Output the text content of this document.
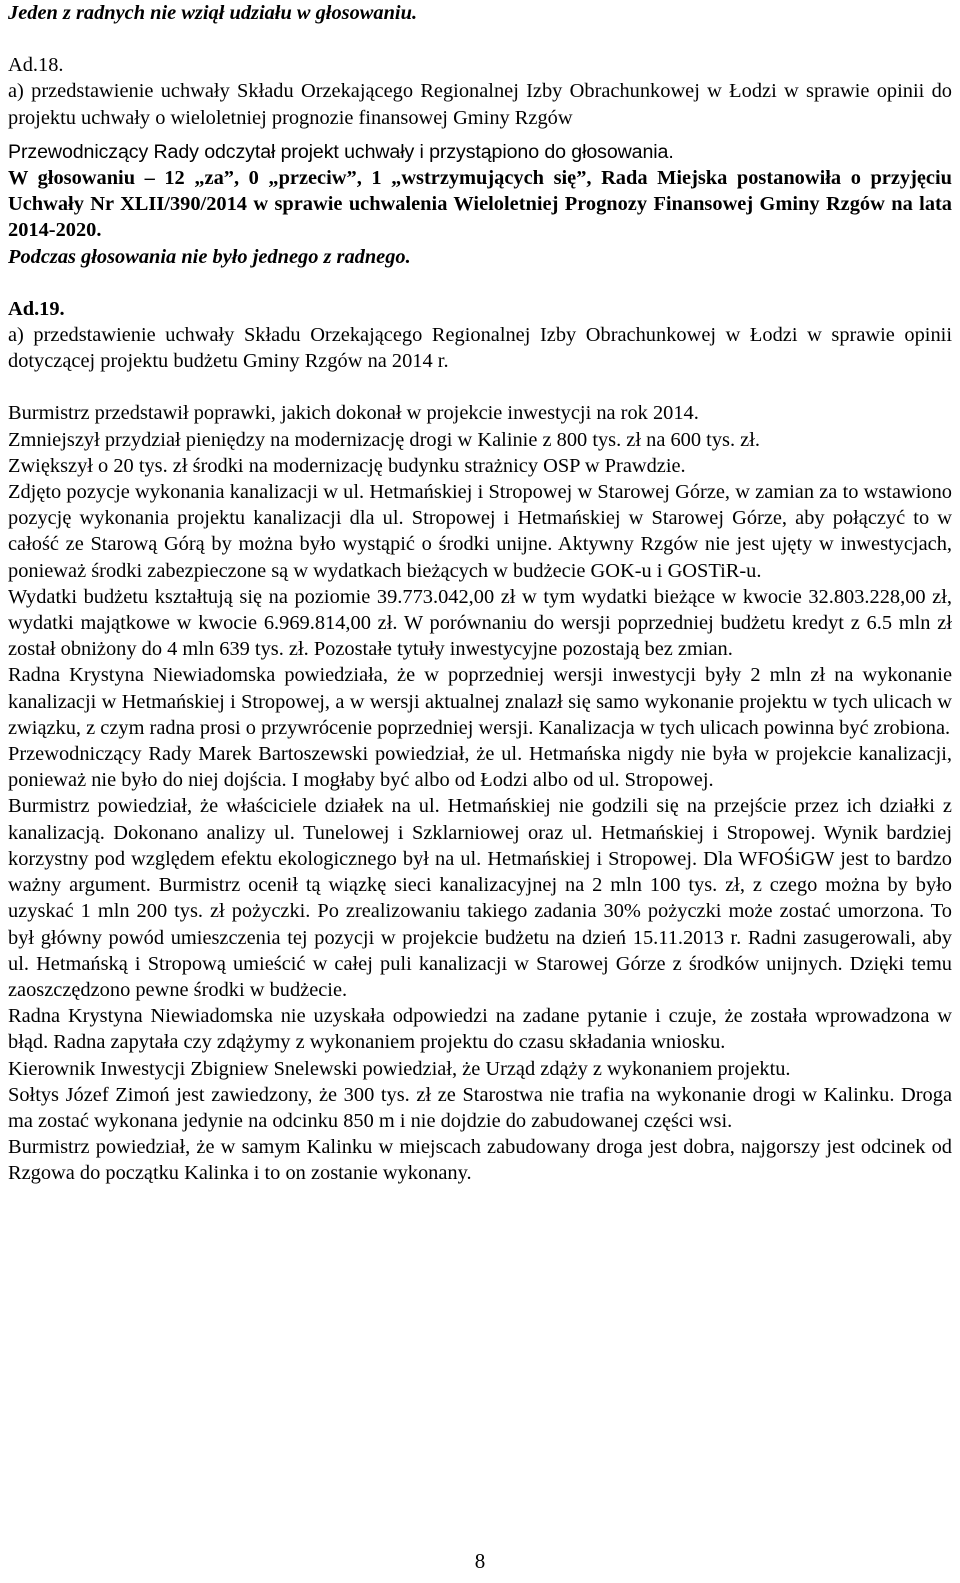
Jeden z radnych nie wziął udziału w głosowaniu.

Ad.18.

a) przedstawienie uchwały Składu Orzekającego Regionalnej Izby Obrachunkowej w Łodzi w sprawie opinii do projektu uchwały o wieloletniej prognozie finansowej Gminy Rzgów

Przewodniczący Rady odczytał projekt uchwały i przystąpiono do głosowania.

W głosowaniu – 12 „za”, 0 „przeciw”, 1 „wstrzymujących się”, Rada Miejska postanowiła o przyjęciu Uchwały Nr XLII/390/2014 w sprawie uchwalenia Wieloletniej Prognozy Finansowej Gminy Rzgów na lata 2014-2020.

Podczas głosowania nie było jednego z radnego.

Ad.19.

a) przedstawienie uchwały Składu Orzekającego Regionalnej Izby Obrachunkowej w Łodzi w sprawie opinii dotyczącej projektu budżetu Gminy Rzgów na 2014 r.

Burmistrz przedstawił poprawki, jakich dokonał w projekcie inwestycji na rok 2014.

Zmniejszył przydział pieniędzy na modernizację drogi w Kalinie z 800 tys. zł na 600 tys. zł.

Zwiększył o 20 tys. zł środki na modernizację budynku strażnicy OSP w Prawdzie.

Zdjęto pozycje wykonania kanalizacji w ul. Hetmańskiej i Stropowej w Starowej Górze, w zamian za to wstawiono pozycję wykonania projektu kanalizacji dla ul. Stropowej i Hetmańskiej w Starowej Górze, aby połączyć to w całość ze Starową Górą by można było wystąpić o środki unijne. Aktywny Rzgów nie jest ujęty w inwestycjach, ponieważ środki zabezpieczone są w wydatkach bieżących w budżecie GOK-u i GOSTiR-u.

Wydatki budżetu kształtują się na poziomie 39.773.042,00 zł w tym wydatki bieżące w kwocie 32.803.228,00 zł, wydatki majątkowe w kwocie 6.969.814,00 zł. W porównaniu do wersji poprzedniej budżetu kredyt z 6.5 mln zł został obniżony do 4 mln 639 tys. zł. Pozostałe tytuły inwestycyjne pozostają bez zmian.

Radna Krystyna Niewiadomska powiedziała, że w poprzedniej wersji inwestycji były 2 mln zł na wykonanie kanalizacji w Hetmańskiej i Stropowej, a w wersji aktualnej znalazł się samo wykonanie projektu w tych ulicach w związku, z czym radna prosi o przywrócenie poprzedniej wersji. Kanalizacja w tych ulicach powinna być zrobiona.

Przewodniczący Rady Marek Bartoszewski powiedział, że ul. Hetmańska nigdy nie była w projekcie kanalizacji, ponieważ nie było do niej dojścia. I mogłaby być albo od Łodzi albo od ul. Stropowej.

Burmistrz powiedział, że właściciele działek na ul. Hetmańskiej nie godzili się na przejście przez ich działki z kanalizacją. Dokonano analizy ul. Tunelowej i Szklarniowej oraz ul. Hetmańskiej i Stropowej. Wynik bardziej korzystny pod względem efektu ekologicznego był na ul. Hetmańskiej i Stropowej. Dla WFOŚiGW jest to bardzo ważny argument. Burmistrz ocenił tą wiązkę sieci kanalizacyjnej na 2 mln 100 tys. zł, z czego można by było uzyskać 1 mln 200 tys. zł pożyczki. Po zrealizowaniu takiego zadania 30% pożyczki może zostać umorzona. To był główny powód umieszczenia tej pozycji w projekcie budżetu na dzień 15.11.2013 r. Radni zasugerowali, aby ul. Hetmańską i Stropową umieścić w całej puli kanalizacji w Starowej Górze z środków unijnych. Dzięki temu zaoszczędzono pewne środki w budżecie.

Radna Krystyna Niewiadomska nie uzyskała odpowiedzi na zadane pytanie i czuje, że została wprowadzona w błąd. Radna zapytała czy zdążymy z wykonaniem projektu do czasu składania wniosku.

Kierownik Inwestycji Zbigniew Snelewski powiedział, że Urząd zdąży z wykonaniem projektu.

Sołtys Józef Zimoń jest zawiedzony, że 300 tys. zł ze Starostwa nie trafia na wykonanie drogi w Kalinku. Droga ma zostać wykonana jedynie na odcinku 850 m i nie dojdzie do zabudowanej części wsi.

Burmistrz powiedział, że w samym Kalinku w miejscach zabudowany droga jest dobra, najgorszy jest odcinek od Rzgowa do początku Kalinka i to on zostanie wykonany.

8
